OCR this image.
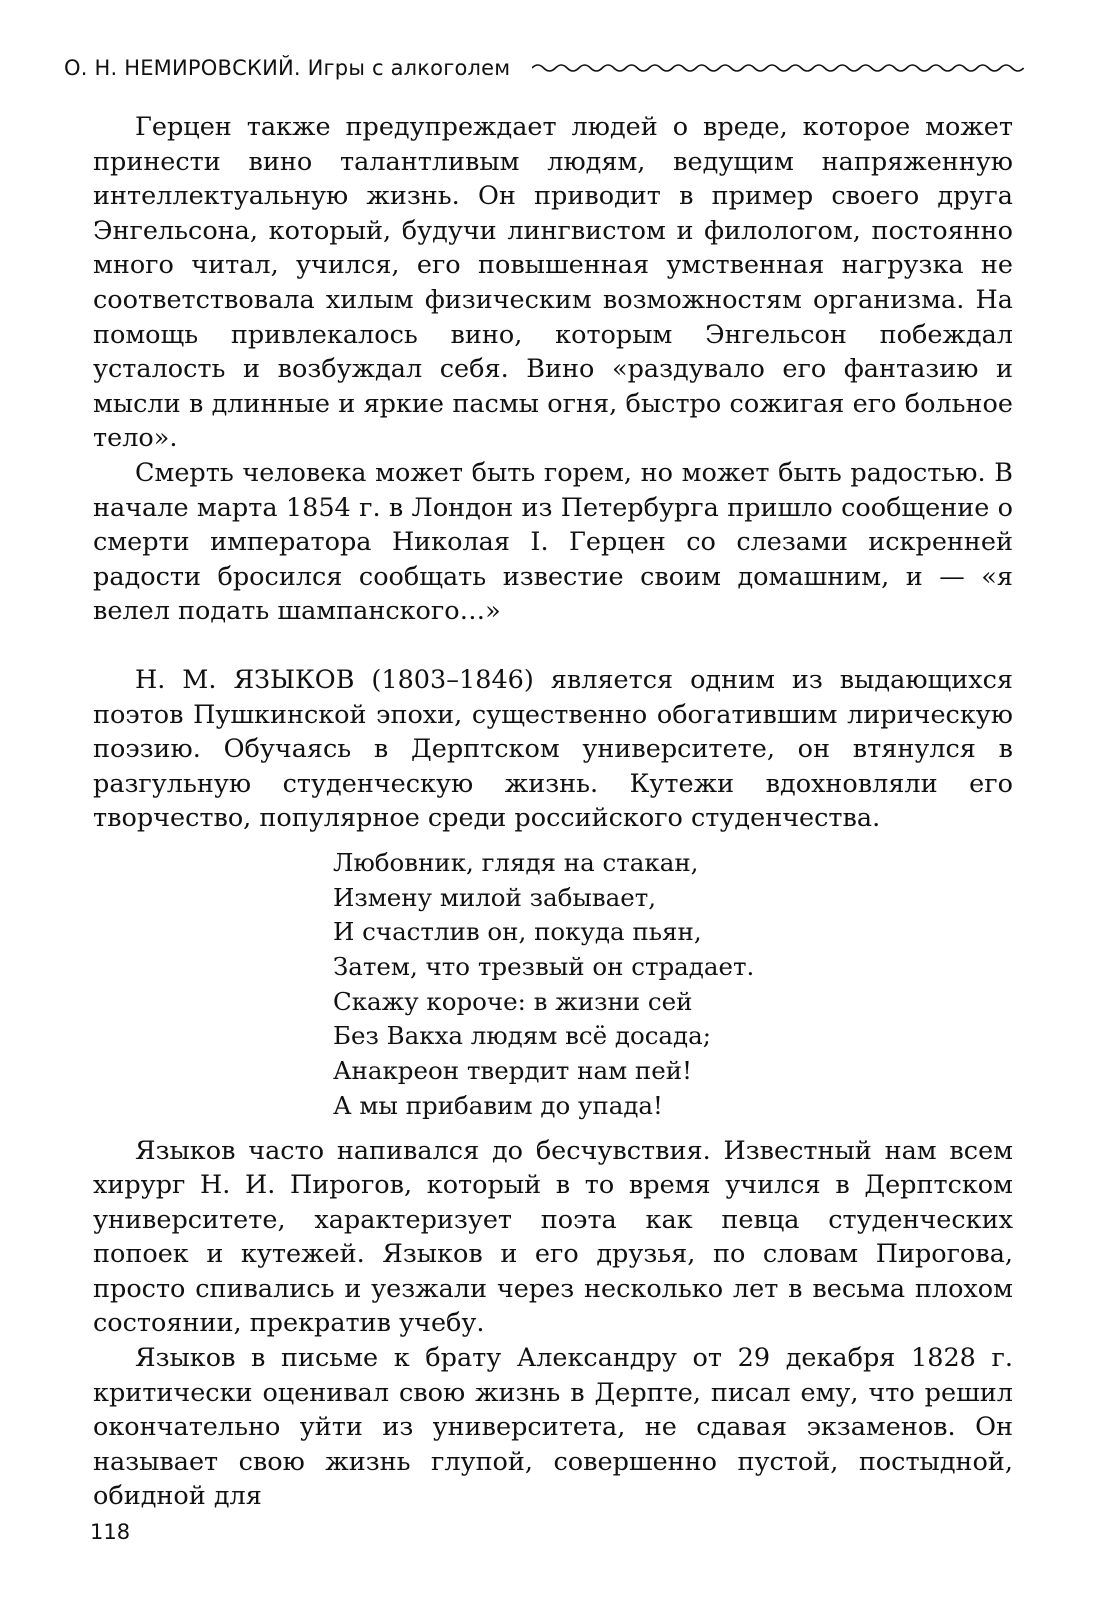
О. Н. НЕМИРОВСКИЙ. Игры с алкоголем

Герцен также предупреждает людей о вреде, которое может принести вино талантливым людям, ведущим напряженную интеллектуальную жизнь. Он приводит в пример своего друга Энгельсона, который, будучи лингвистом и филологом, постоянно много читал, учился, его повышенная умственная нагрузка не соответствовала хилым физическим возможностям организма. На помощь привлекалось вино, которым Энгельсон побеждал усталость и возбуждал себя. Вино «раздувало его фантазию и мысли в длинные и яркие пасмы огня, быстро сожигая его больное тело».

Смерть человека может быть горем, но может быть радостью. В начале марта 1854 г. в Лондон из Петербурга пришло сообщение о смерти императора Николая I. Герцен со слезами искренней радости бросился сообщать известие своим домашним, и — «я велел подать шампанского…»

Н. М. ЯЗЫКОВ (1803–1846) является одним из выдающихся поэтов Пушкинской эпохи, существенно обогатившим лирическую поэзию. Обучаясь в Дерптском университете, он втянулся в разгульную студенческую жизнь. Кутежи вдохновляли его творчество, популярное среди российского студенчества.

Любовник, глядя на стакан,
Измену милой забывает,
И счастлив он, покуда пьян,
Затем, что трезвый он страдает.
Скажу короче: в жизни сей
Без Вакха людям всё досада;
Анакреон твердит нам пей!
А мы прибавим до упада!

Языков часто напивался до бесчувствия. Известный нам всем хирург Н. И. Пирогов, который в то время учился в Дерптском университете, характеризует поэта как певца студенческих попоек и кутежей. Языков и его друзья, по словам Пирогова, просто спивались и уезжали через несколько лет в весьма плохом состоянии, прекратив учебу.

Языков в письме к брату Александру от 29 декабря 1828 г. критически оценивал свою жизнь в Дерпте, писал ему, что решил окончательно уйти из университета, не сдавая экзаменов. Он называет свою жизнь глупой, совершенно пустой, постыдной, обидной для

118
